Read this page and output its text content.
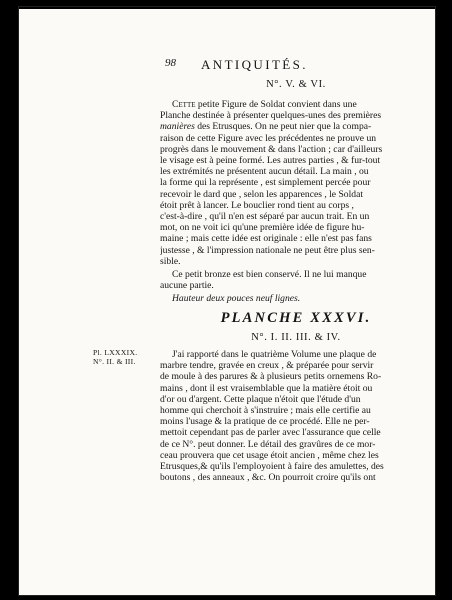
98 ANTIQUITÉS.
N°. V. & VI.
Cette petite Figure de Soldat convient dans une
Planche destinée à présenter quelques-unes des premières
manières des Etrusques. On ne peut nier que la compa-
raison de cette Figure avec les précédentes ne prouve un
progrès dans le mouvement & dans l'action ; car d'ailleurs
le visage est à peine formé. Les autres parties , & fur-tout
les extrémités ne présentent aucun détail. La main , ou
la forme qui la représente , est simplement percée pour
recevoir le dard que , selon les apparences , le Soldat
étoit prêt à lancer. Le bouclier rond tient au corps ,
c'est-à-dire , qu'il n'en est séparé par aucun trait. En un
mot, on ne voit ici qu'une première idée de figure hu-
maine ; mais cette idée est originale : elle n'est pas fans
justesse , & l'impression nationale ne peut être plus sen-
sible.
Ce petit bronze est bien conservé. Il ne lui manque
aucune partie.
Hauteur deux pouces neuf lignes.
PLANCHE XXXVI.
N°. I. II. III. & IV.
Pl. LXXXIX.
N°. II. & III.
J'ai rapporté dans le quatrième Volume une plaque de
marbre tendre, gravée en creux , & préparée pour servir
de moule à des parures & à plusieurs petits ornemens Ro-
mains , dont il est vraisemblable que la matière étoit ou
d'or ou d'argent. Cette plaque n'étoit que l'étude d'un
homme qui cherchoit à s'instruire ; mais elle certifie au
moins l'usage & la pratique de ce procédé. Elle ne per-
mettoit cependant pas de parler avec l'assurance que celle
de ce N°. peut donner. Le détail des gravûres de ce mor-
ceau prouvera que cet usage étoit ancien , même chez les
Etrusques,& qu'ils l'employoient à faire des amulettes, des
boutons , des anneaux , &c. On pourroit croire qu'ils ont
